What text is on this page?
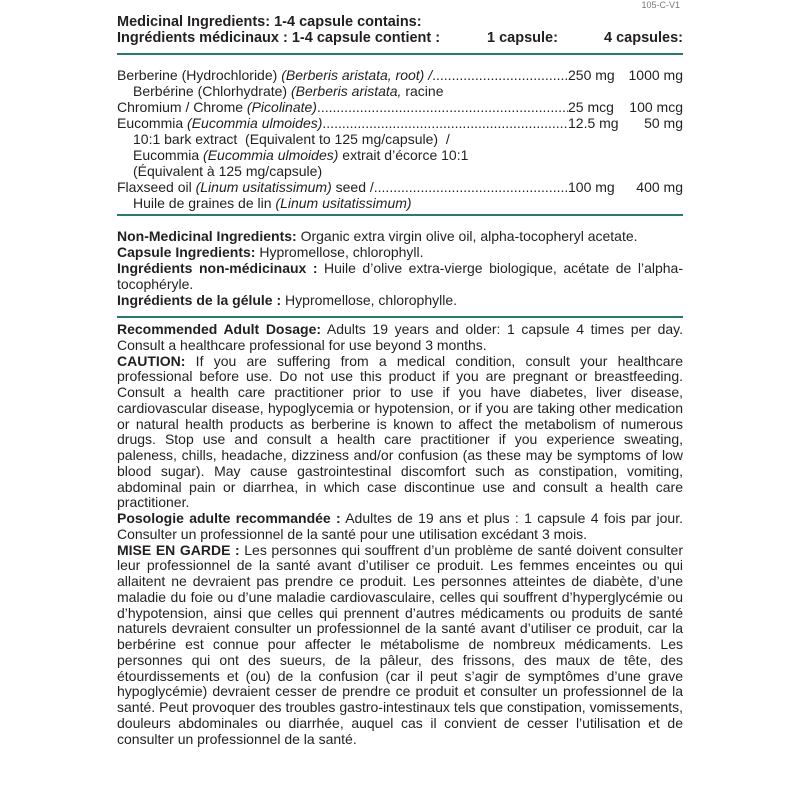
105-C-V1
Medicinal Ingredients: 1-4 capsule contains:
Ingrédients médicinaux : 1-4 capsule contient :	1 capsule:	4 capsules:
Berberine (Hydrochloride) (Berberis aristata, root) / .....	250 mg 1000 mg
Berbérine (Chlorhydrate) (Berberis aristata, racine
Chromium / Chrome (Picolinate) .....	25 mcg	100 mcg
Eucommia (Eucommia ulmoides) .....	12.5 mg	50 mg
10:1 bark extract  (Equivalent to 125 mg/capsule)  /
Eucommia (Eucommia ulmoides) extrait d’écorce 10:1
(Équivalent à 125 mg/capsule)
Flaxseed oil (Linum usitatissimum) seed / .....	100 mg	400 mg
Huile de graines de lin (Linum usitatissimum)

Non-Medicinal Ingredients: Organic extra virgin olive oil, alpha-tocopheryl acetate.

Capsule Ingredients: Hypromellose, chlorophyll.

Ingrédients non-médicinaux : Huile d’olive extra-vierge biologique, acétate de l’alpha-tocophéryle.

Ingrédients de la gélule : Hypromellose, chlorophylle.

Recommended Adult Dosage: Adults 19 years and older: 1 capsule 4 times per day. Consult a healthcare professional for use beyond 3 months.

CAUTION: If you are suffering from a medical condition, consult your healthcare professional before use. Do not use this product if you are pregnant or breastfeeding. Consult a health care practitioner prior to use if you have diabetes, liver disease, cardiovascular disease, hypoglycemia or hypotension, or if you are taking other medication or natural health products as berberine is known to affect the metabolism of numerous drugs. Stop use and consult a health care practitioner if you experience sweating, paleness, chills, headache, dizziness and/or confusion (as these may be symptoms of low blood sugar). May cause gastrointestinal discomfort such as constipation, vomiting, abdominal pain or diarrhea, in which case discontinue use and consult a health care practitioner.

Posologie adulte recommandée : Adultes de 19 ans et plus : 1 capsule 4 fois par jour. Consulter un professionnel de la santé pour une utilisation excédant 3 mois.

MISE EN GARDE : Les personnes qui souffrent d’un problème de santé doivent consulter leur professionnel de la santé avant d’utiliser ce produit. Les femmes enceintes ou qui allaitent ne devraient pas prendre ce produit. Les personnes atteintes de diabète, d’une maladie du foie ou d’une maladie cardiovasculaire, celles qui souffrent d’hyperglycémie ou d’hypotension, ainsi que celles qui prennent d’autres médicaments ou produits de santé naturels devraient consulter un professionnel de la santé avant d’utiliser ce produit, car la berbérine est connue pour affecter le métabolisme de nombreux médicaments. Les personnes qui ont des sueurs, de la pâleur, des frissons, des maux de tête, des étourdissements et (ou) de la confusion (car il peut s’agir de symptômes d’une grave hypoglycémie) devraient cesser de prendre ce produit et consulter un professionnel de la santé. Peut provoquer des troubles gastro-intestinaux tels que constipation, vomissements, douleurs abdominales ou diarrhée, auquel cas il convient de cesser l’utilisation et de consulter un professionnel de la santé.
